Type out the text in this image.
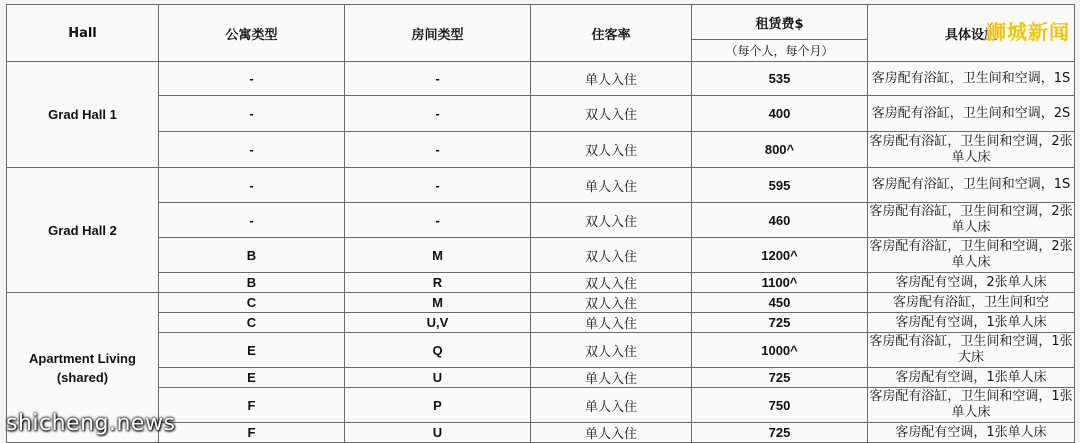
Hall	公寓类型	房间类型	住客率	租赁费$	具体设施
				（每个人，每个月）	
Grad Hall 1	-	-	单人入住	535	客房配有浴缸，卫生间和空调，1S
	-	-	双人入住	400	客房配有浴缸，卫生间和空调，2S
	-	-	双人入住	800^	客房配有浴缸，卫生间和空调，2张单人床
Grad Hall 2	-	-	单人入住	595	客房配有浴缸，卫生间和空调，1S
	-	-	双人入住	460	客房配有浴缸，卫生间和空调，2张单人床
	B	M	双人入住	1200^	客房配有浴缸，卫生间和空调，2张单人床
	B	R	双人入住	1100^	客房配有空调，2张单人床
Apartment Living (shared)	C	M	双人入住	450	客房配有浴缸，卫生间和空
	C	U,V	单人入住	725	客房配有空调，1张单人床
	E	Q	双人入住	1000^	客房配有浴缸，卫生间和空调，1张大床
	E	U	单人入住	725	客房配有空调，1张单人床
	F	P	单人入住	750	客房配有浴缸，卫生间和空调，1张单人床
	F	U	单人入住	725	客房配有空调，1张单人床
狮城新闻
shicheng.news
